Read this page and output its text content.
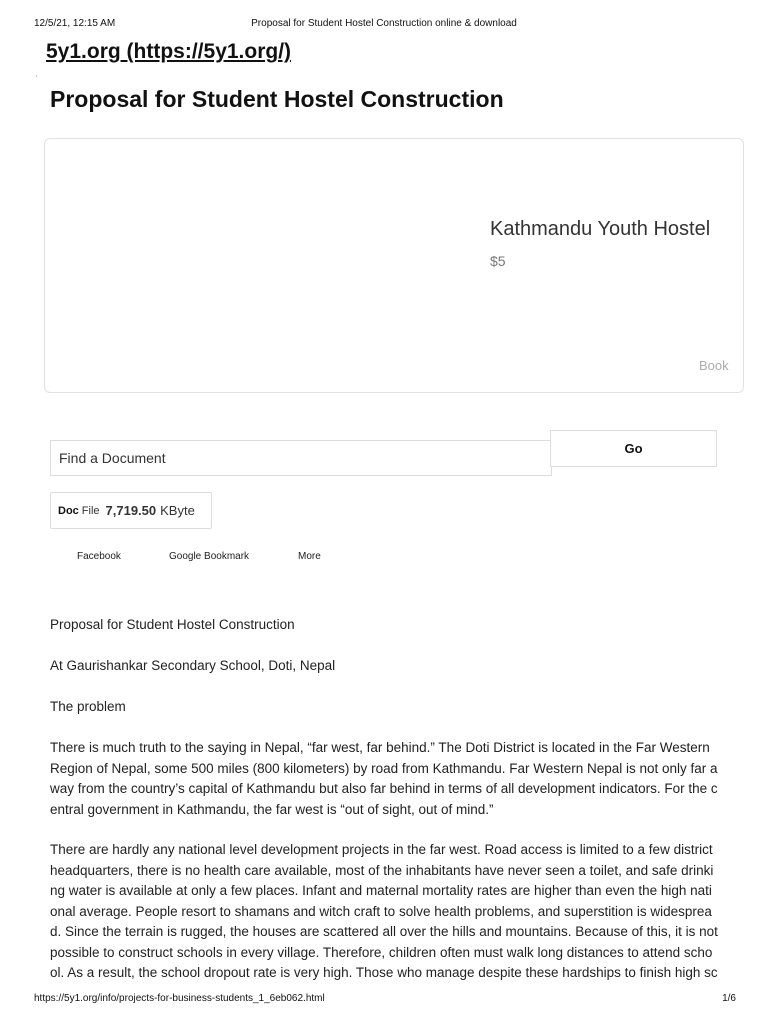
12/5/21, 12:15 AM	Proposal for Student Hostel Construction online & download
5y1.org (https://5y1.org/)
'
Proposal for Student Hostel Construction
Kathmandu Youth Hostel
$5
Book
Find a Document
Go
Doc File 7,719.50 KByte
Facebook	Google Bookmark	More
Proposal for Student Hostel Construction
At Gaurishankar Secondary School, Doti, Nepal
The problem
There is much truth to the saying in Nepal, “far west, far behind.” The Doti District is located in the Far Western Region of Nepal, some 500 miles (800 kilometers) by road from Kathmandu. Far Western Nepal is not only far away from the country’s capital of Kathmandu but also far behind in terms of all development indicators. For the central government in Kathmandu, the far west is “out of sight, out of mind.”
There are hardly any national level development projects in the far west. Road access is limited to a few district headquarters, there is no health care available, most of the inhabitants have never seen a toilet, and safe drinking water is available at only a few places. Infant and maternal mortality rates are higher than even the high national average. People resort to shamans and witch craft to solve health problems, and superstition is widespread. Since the terrain is rugged, the houses are scattered all over the hills and mountains. Because of this, it is not possible to construct schools in every village. Therefore, children often must walk long distances to attend school. As a result, the school dropout rate is very high. Those who manage despite these hardships to finish high sc
https://5y1.org/info/projects-for-business-students_1_6eb062.html	1/6
